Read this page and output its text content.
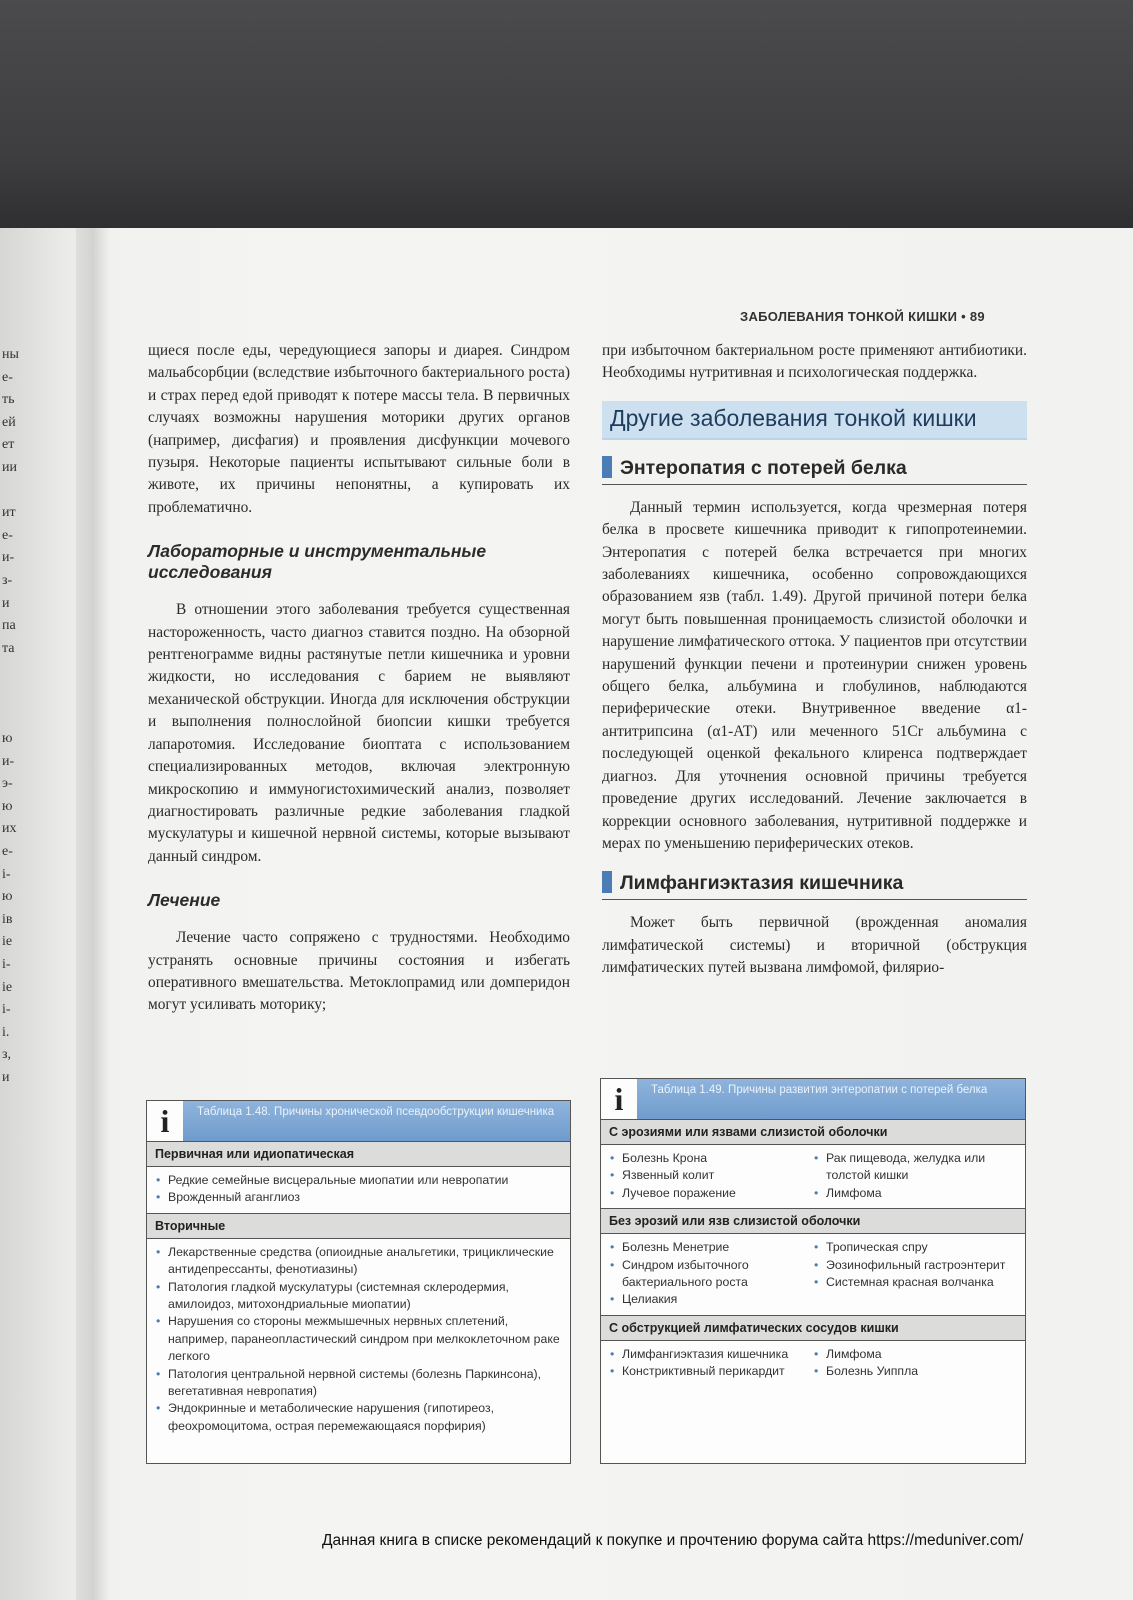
ЗАБОЛЕВАНИЯ ТОНКОЙ КИШКИ • 89
ны
е-
ть
ей
ет
ии
ит
е-
и-
з-
и
па
та
ю
и-
э-
ю
их
е-
і-
ю
ів
іе
і-
іе
і-
і.
з,
и

щиеся после еды, чередующиеся запоры и диарея. Синдром мальабсорбции (вследствие избыточного бактериального роста) и страх перед едой приводят к потере массы тела. В первичных случаях возможны нарушения моторики других органов (например, дисфагия) и проявления дисфункции мочевого пузыря. Некоторые пациенты испытывают сильные боли в животе, их причины непонятны, а купировать их проблематично.

Лабораторные и инструментальные исследования

В отношении этого заболевания требуется существенная настороженность, часто диагноз ставится поздно. На обзорной рентгенограмме видны растянутые петли кишечника и уровни жидкости, но исследования с барием не выявляют механической обструкции. Иногда для исключения обструкции и выполнения полнослойной биопсии кишки требуется лапаротомия. Исследование биоптата с использованием специализированных методов, включая электронную микроскопию и иммуногистохимический анализ, позволяет диагностировать различные редкие заболевания гладкой мускулатуры и кишечной нервной системы, которые вызывают данный синдром.

Лечение

Лечение часто сопряжено с трудностями. Необходимо устранять основные причины состояния и избегать оперативного вмешательства. Метоклопрамид или домперидон могут усиливать моторику;

при избыточном бактериальном росте применяют антибиотики. Необходимы нутритивная и психологическая поддержка.

Другие заболевания тонкой кишки
Энтеропатия с потерей белка

Данный термин используется, когда чрезмерная потеря белка в просвете кишечника приводит к гипопротеинемии. Энтеропатия с потерей белка встречается при многих заболеваниях кишечника, особенно сопровождающихся образованием язв (табл. 1.49). Другой причиной потери белка могут быть повышенная проницаемость слизистой оболочки и нарушение лимфатического оттока. У пациентов при отсутствии нарушений функции печени и протеинурии снижен уровень общего белка, альбумина и глобулинов, наблюдаются периферические отеки. Внутривенное введение α1-антитрипсина (α1-АТ) или меченного 51Cr альбумина с последующей оценкой фекального клиренса подтверждает диагноз. Для уточнения основной причины требуется проведение других исследований. Лечение заключается в коррекции основного заболевания, нутритивной поддержке и мерах по уменьшению периферических отеков.

Лимфангиэктазия кишечника

Может быть первичной (врожденная аномалия лимфатической системы) и вторичной (обструкция лимфатических путей вызвана лимфомой, филярио-

i	Таблица 1.48. Причины хронической псевдообструкции кишечника
Первичная или идиопатическая
• Редкие семейные висцеральные миопатии или невропатии
• Врожденный аганглиоз
Вторичные
• Лекарственные средства (опиоидные анальгетики, трициклические антидепрессанты, фенотиазины)
• Патология гладкой мускулатуры (системная склеродермия, амилоидоз, митохондриальные миопатии)
• Нарушения со стороны межмышечных нервных сплетений, например, паранеопластический синдром при мелкоклеточном раке легкого
• Патология центральной нервной системы (болезнь Паркинсона), вегетативная невропатия)
• Эндокринные и метаболические нарушения (гипотиреоз, феохромоцитома, острая перемежающаяся порфирия)
i	Таблица 1.49. Причины развития энтеропатии с потерей белка
С эрозиями или язвами слизистой оболочки
• Болезнь Крона
• Язвенный колит
• Лучевое поражение
• Рак пищевода, желудка или толстой кишки
• Лимфома
Без эрозий или язв слизистой оболочки
• Болезнь Менетрие
• Синдром избыточного бактериального роста
• Целиакия
• Тропическая спру
• Эозинофильный гастроэнтерит
• Системная красная волчанка
С обструкцией лимфатических сосудов кишки
• Лимфангиэктазия кишечника
• Констриктивный перикардит
• Лимфома
• Болезнь Уиппла
Данная книга в списке рекомендаций к покупке и прочтению форума сайта https://meduniver.com/
